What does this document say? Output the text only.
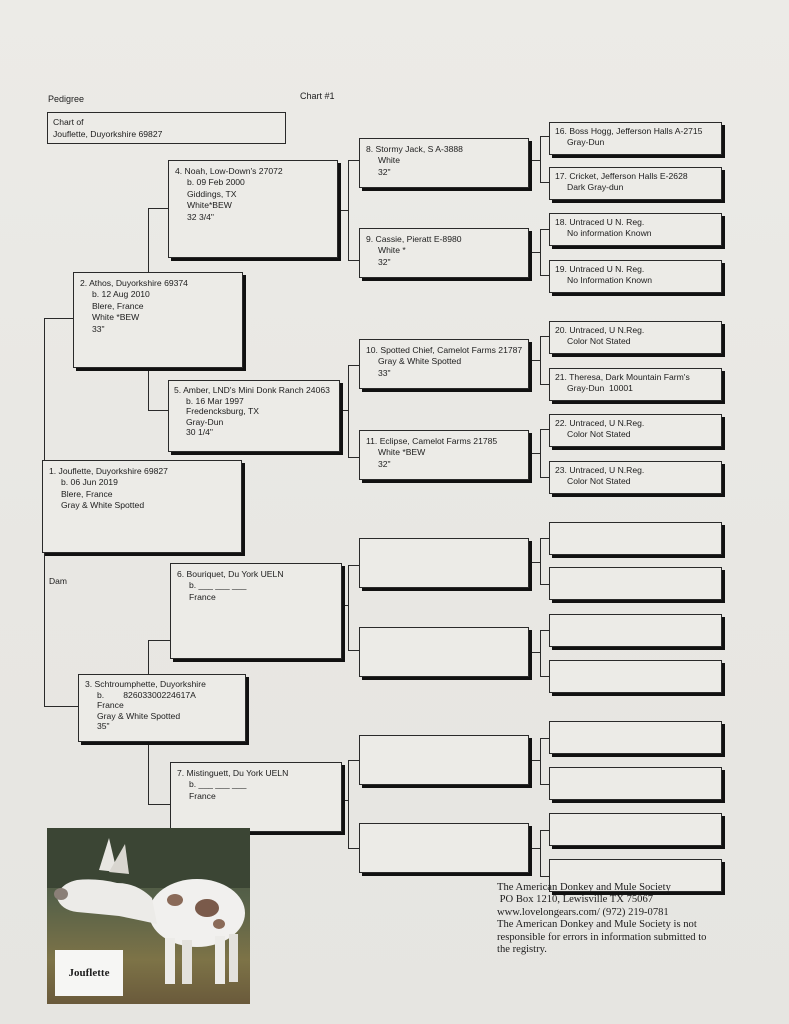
Pedigree	Chart #1
Chart of
Jouflette, Duyorkshire 69827
1. Jouflette, Duyorkshire 69827
b. 06 Jun 2019
Blere, France
Gray & White Spotted
2. Athos, Duyorkshire 69374
b. 12 Aug 2010
Blere, France
White *BEW
33"
3. Schtroumphette, Duyorkshire
b.        82603300224617A
France
Gray & White Spotted
35"
Dam
4. Noah, Low-Down's 27072
b. 09 Feb 2000
Giddings, TX
White*BEW
32 3/4"
5. Amber, LND's Mini Donk Ranch 24063
b. 16 Mar 1997
Fredencksburg, TX
Gray-Dun
30 1/4"
6. Bouriquet, Du York UELN
b. ___ ___ ___
France
7. Mistinguett, Du York UELN
b. ___ ___ ___
France
8. Stormy Jack, S A-3888
White
32"
9. Cassie, Pieratt E-8980
White *
32"
10. Spotted Chief, Camelot Farms 21787
Gray & White Spotted
33"
11. Eclipse, Camelot Farms 21785
White *BEW
32"
16. Boss Hogg, Jefferson Halls A-2715
Gray-Dun
17. Cricket, Jefferson Halls E-2628
Dark Gray-dun
18. Untraced U N. Reg.
No information Known
19. Untraced U N. Reg.
No Information Known
20. Untraced, U N.Reg.
Color Not Stated
21. Theresa, Dark Mountain Farm's
Gray-Dun  10001
22. Untraced, U N.Reg.
Color Not Stated
23. Untraced, U N.Reg.
Color Not Stated
Jouflette
The American Donkey and Mule Society
PO Box 1210, Lewisville TX 75067
www.lovelongears.com/ (972) 219-0781
The American Donkey and Mule Society is not
responsible for errors in information submitted to
the registry.
